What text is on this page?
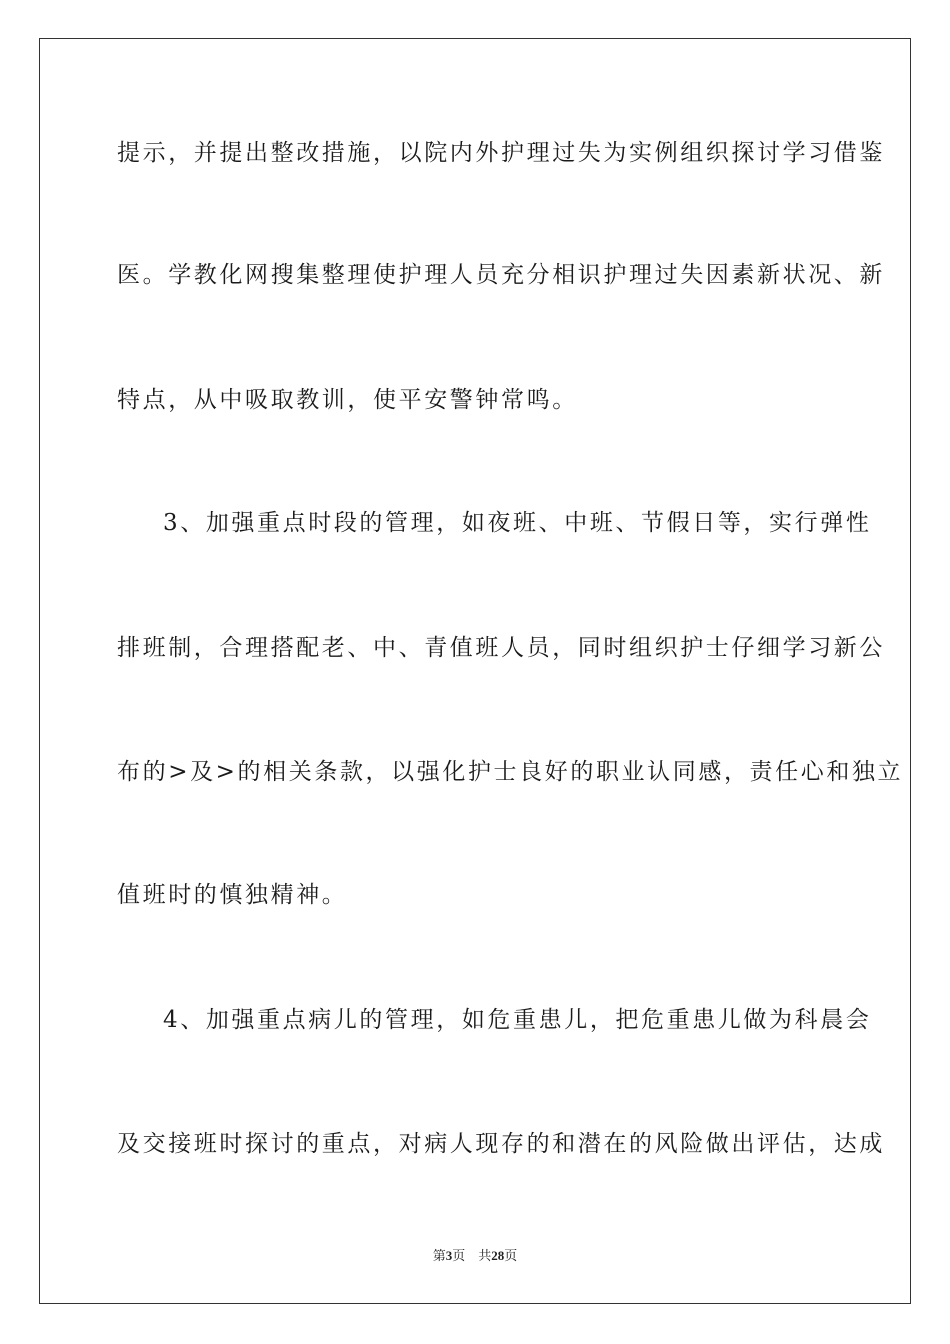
提示，并提出整改措施，以院内外护理过失为实例组织探讨学习借鉴
医。学教化网搜集整理使护理人员充分相识护理过失因素新状况、新
特点，从中吸取教训，使平安警钟常鸣。
3、加强重点时段的管理，如夜班、中班、节假日等，实行弹性
排班制，合理搭配老、中、青值班人员，同时组织护士仔细学习新公
布的>及>的相关条款，以强化护士良好的职业认同感，责任心和独立
值班时的慎独精神。
4、加强重点病儿的管理，如危重患儿，把危重患儿做为科晨会
及交接班时探讨的重点，对病人现存的和潜在的风险做出评估，达成
第3页 共28页
